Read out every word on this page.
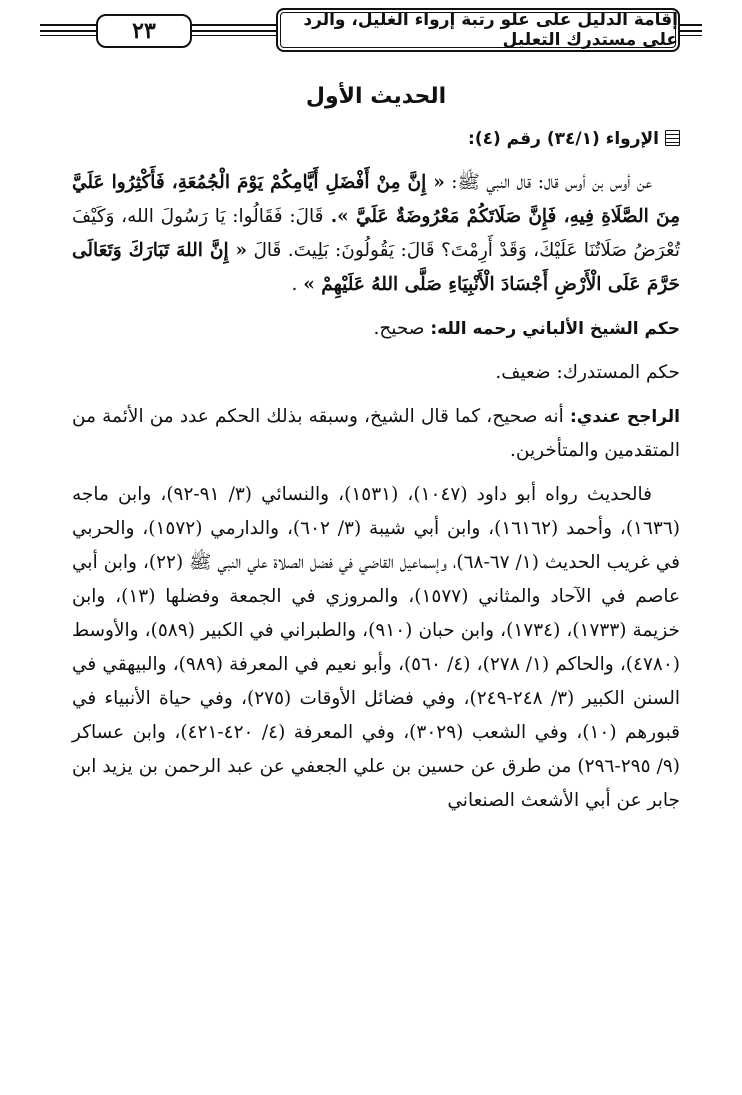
٢٣	إقامة الدليل على علو رتبة إرواء الغليل، والرد على مستدرك التعليل
الحديث الأول

الإرواء (٣٤/١) رقم (٤):

عن أوس بن أوس قال: قال النبي ﷺ: « إِنَّ مِنْ أَفْضَلِ أَيَّامِكُمْ يَوْمَ الْجُمُعَةِ، فَأَكْثِرُوا عَلَيَّ مِنَ الصَّلَاةِ فِيهِ، فَإِنَّ صَلَاتَكُمْ مَعْرُوضَةٌ عَلَيَّ ». قَالَ: فَقَالُوا: يَا رَسُولَ الله، وَكَيْفَ تُعْرَضُ صَلَاتُنَا عَلَيْكَ، وَقَدْ أَرِمْتَ؟ قَالَ: يَقُولُونَ: بَلِيتَ. قَالَ « إِنَّ اللهَ تَبَارَكَ وَتَعَالَى حَرَّمَ عَلَى الْأَرْضِ أَجْسَادَ الْأَنْبِيَاءِ صَلَّى اللهُ عَلَيْهِمْ » .

حكم الشيخ الألباني رحمه الله: صحيح.

حكم المستدرك: ضعيف.

الراجح عندي: أنه صحيح، كما قال الشيخ، وسبقه بذلك الحكم عدد من الأئمة من المتقدمين والمتأخرين.

فالحديث رواه أبو داود (١٠٤٧)، (١٥٣١)، والنسائي (٣/ ٩١-٩٢)، وابن ماجه (١٦٣٦)، وأحمد (١٦١٦٢)، وابن أبي شيبة (٣/ ٦٠٢)، والدارمي (١٥٧٢)، والحربي في غريب الحديث (١/ ٦٧-٦٨)، وإسماعيل القاضي في فضل الصلاة علي النبي ﷺ (٢٢)، وابن أبي عاصم في الآحاد والمثاني (١٥٧٧)، والمروزي في الجمعة وفضلها (١٣)، وابن خزيمة (١٧٣٣)، (١٧٣٤)، وابن حبان (٩١٠)، والطبراني في الكبير (٥٨٩)، والأوسط (٤٧٨٠)، والحاكم (١/ ٢٧٨)، (٤/ ٥٦٠)، وأبو نعيم في المعرفة (٩٨٩)، والبيهقي في السنن الكبير (٣/ ٢٤٨-٢٤٩)، وفي فضائل الأوقات (٢٧٥)، وفي حياة الأنبياء في قبورهم (١٠)، وفي الشعب (٣٠٢٩)، وفي المعرفة (٤/ ٤٢٠-٤٢١)، وابن عساكر (٩/ ٢٩٥-٢٩٦) من طرق عن حسين بن علي الجعفي عن عبد الرحمن بن يزيد ابن جابر عن أبي الأشعث الصنعاني
